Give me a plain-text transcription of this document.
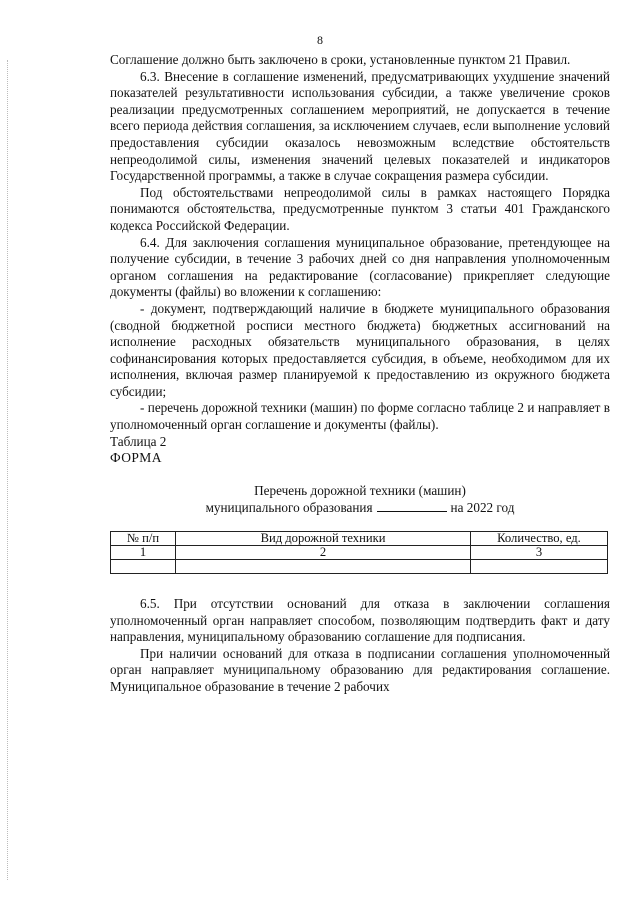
8

Соглашение должно быть заключено в сроки, установленные пунктом 21 Правил.

6.3. Внесение в соглашение изменений, предусматривающих ухудшение значений показателей результативности использования субсидии, а также увеличение сроков реализации предусмотренных соглашением мероприятий, не допускается в течение всего периода действия соглашения, за исключением случаев, если выполнение условий предоставления субсидии оказалось невозможным вследствие обстоятельств непреодолимой силы, изменения значений целевых показателей и индикаторов Государственной программы, а также в случае сокращения размера субсидии.

Под обстоятельствами непреодолимой силы в рамках настоящего Порядка понимаются обстоятельства, предусмотренные пунктом 3 статьи 401 Гражданского кодекса Российской Федерации.

6.4. Для заключения соглашения муниципальное образование, претендующее на получение субсидии, в течение 3 рабочих дней со дня направления уполномоченным органом соглашения на редактирование (согласование) прикрепляет следующие документы (файлы) во вложении к соглашению:

- документ, подтверждающий наличие в бюджете муниципального образования (сводной бюджетной росписи местного бюджета) бюджетных ассигнований на исполнение расходных обязательств муниципального образования, в целях софинансирования которых предоставляется субсидия, в объеме, необходимом для их исполнения, включая размер планируемой к предоставлению из окружного бюджета субсидии;

- перечень дорожной техники (машин) по форме согласно таблице 2 и направляет в уполномоченный орган соглашение и документы (файлы).

Таблица 2

ФОРМА

Перечень дорожной техники (машин)
муниципального образования	на 2022 год
№ п/п	Вид дорожной техники	Количество, ед.
1	2	3

6.5. При отсутствии оснований для отказа в заключении соглашения уполномоченный орган направляет способом, позволяющим подтвердить факт и дату направления, муниципальному образованию соглашение для подписания.

При наличии оснований для отказа в подписании соглашения уполномоченный орган направляет муниципальному образованию для редактирования соглашение. Муниципальное образование в течение 2 рабочих
